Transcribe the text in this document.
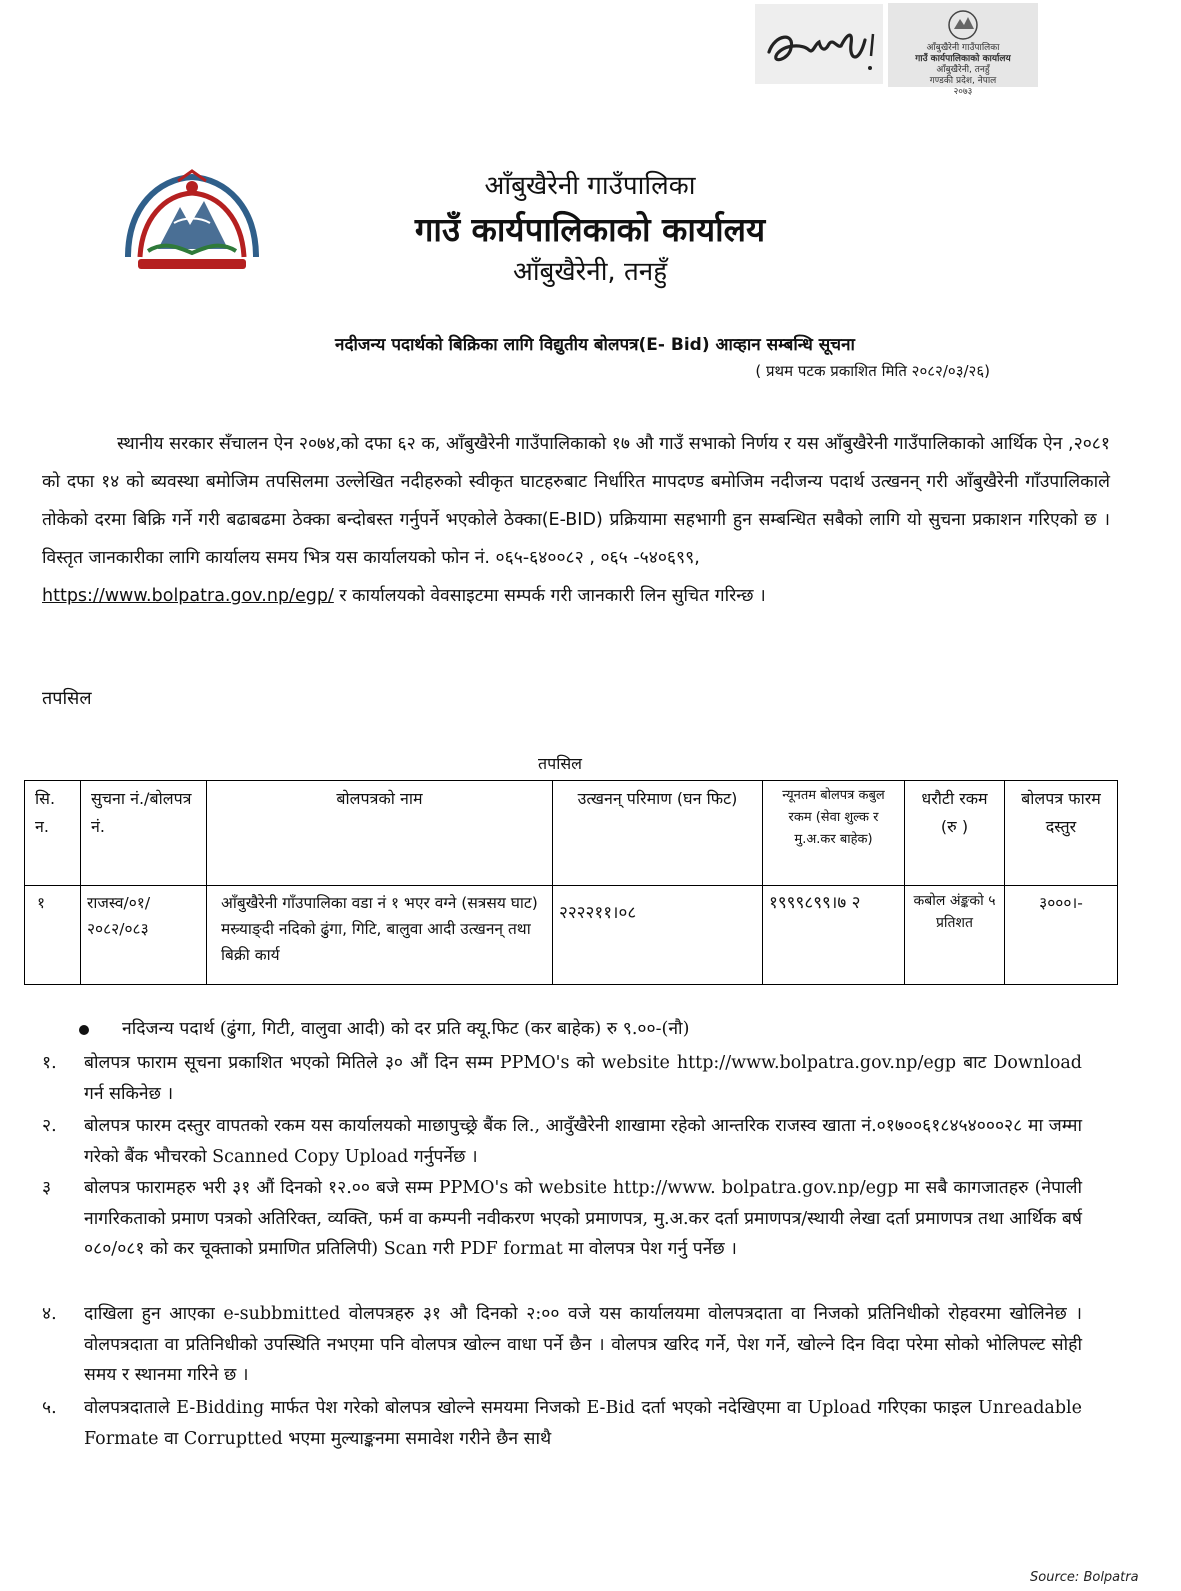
आँबुखैरेनी गाउँपालिका
गाउँ कार्यपालिकाको कार्यालय
आँबुखैरेनी, तनहुँ
गण्डकी प्रदेश, नेपाल
२०७३
आँबुखैरेनी गाउँपालिका
गाउँ कार्यपालिकाको कार्यालय
आँबुखैरेनी, तनहुँ
नदीजन्य पदार्थको बिक्रिका लागि विद्युतीय बोलपत्र(E- Bid) आव्हान सम्बन्धि सूचना
( प्रथम पटक प्रकाशित मिति २०८२/०३/२६)
स्थानीय सरकार सँचालन ऐन २०७४,को दफा ६२ क, आँबुखैरेनी गाउँपालिकाको १७ औ गाउँ सभाको निर्णय र यस आँबुखैरेनी गाउँपालिकाको आर्थिक ऐन ,२०८१ को दफा १४ को ब्यवस्था बमोजिम तपसिलमा उल्लेखित नदीहरुको स्वीकृत घाटहरुबाट निर्धारित मापदण्ड बमोजिम नदीजन्य पदार्थ उत्खनन् गरी आँबुखैरेनी गाँउपालिकाले तोकेको दरमा बिक्रि गर्ने गरी बढाबढमा ठेक्का बन्दोबस्त गर्नुपर्ने भएकोले ठेक्का(E-BID) प्रक्रियामा सहभागी हुन सम्बन्धित सबैको लागि यो सुचना प्रकाशन गरिएको छ । विस्तृत जानकारीका लागि कार्यालय समय भित्र यस कार्यालयको फोन नं. ०६५-६४००८२ , ०६५ -५४०६९९,
https://www.bolpatra.gov.np/egp/ र कार्यालयको वेवसाइटमा सम्पर्क गरी जानकारी लिन सुचित गरिन्छ ।
तपसिल
तपसिल
सि. न.	सुचना नं./बोलपत्र नं.	बोलपत्रको नाम	उत्खनन् परिमाण (घन फिट)	न्यूनतम बोलपत्र कबुल रकम (सेवा शुल्क र मु.अ.कर बाहेक)	धरौटी रकम (रु )	बोलपत्र फारम दस्तुर
१	राजस्व/०१/ २०८२/०८३	आँबुखैरेनी गाँउपालिका वडा नं १ भएर वग्ने (सत्रसय घाट) मस्र्याङ्दी नदिको ढुंगा, गिटि, बालुवा आदी उत्खनन् तथा बिक्री कार्य	२२२२११।०८	१९९९८९९।७ २	कबोल अंङ्कको ५ प्रतिशत	३०००।-
नदिजन्य पदार्थ (ढुंगा, गिटी, वालुवा आदी) को दर प्रति क्यू.फिट (कर बाहेक) रु ९.००-(नौ)
१. बोलपत्र फाराम सूचना प्रकाशित भएको मितिले ३० औं दिन सम्म PPMO's को website http://www.bolpatra.gov.np/egp बाट Download गर्न सकिनेछ ।
२. बोलपत्र फारम दस्तुर वापतको रकम यस कार्यालयको माछापुच्छ्रे बैंक लि., आवुँखैरेनी शाखामा रहेको आन्तरिक राजस्व खाता नं.०१७००६१८४५४०००२८ मा जम्मा गरेको बैंक भौचरको Scanned Copy Upload गर्नुपर्नेछ ।
३ बोलपत्र फारामहरु भरी ३१ औं दिनको १२.०० बजे सम्म PPMO's को website http://www. bolpatra.gov.np/egp मा सबै कागजातहरु (नेपाली नागरिकताको प्रमाण पत्रको अतिरिक्त, व्यक्ति, फर्म वा कम्पनी नवीकरण भएको प्रमाणपत्र, मु.अ.कर दर्ता प्रमाणपत्र/स्थायी लेखा दर्ता प्रमाणपत्र तथा आर्थिक बर्ष ०८०/०८१ को कर चूक्ताको प्रमाणित प्रतिलिपी) Scan गरी PDF format मा वोलपत्र पेश गर्नु पर्नेछ ।
४. दाखिला हुन आएका e-subbmitted वोलपत्रहरु ३१ औ दिनको २:०० वजे यस कार्यालयमा वोलपत्रदाता वा निजको प्रतिनिधीको रोहवरमा खोलिनेछ । वोलपत्रदाता वा प्रतिनिधीको उपस्थिति नभएमा पनि वोलपत्र खोल्न वाधा पर्ने छैन । वोलपत्र खरिद गर्ने, पेश गर्ने, खोल्ने दिन विदा परेमा सोको भोलिपल्ट सोही समय र स्थानमा गरिने छ ।
५. वोलपत्रदाताले E-Bidding मार्फत पेश गरेको बोलपत्र खोल्ने समयमा निजको E-Bid दर्ता भएको नदेखिएमा वा Upload गरिएका फाइल Unreadable Formate वा Corruptted भएमा मुल्याङ्कनमा समावेश गरीने छैन साथै
Source: Bolpatra
